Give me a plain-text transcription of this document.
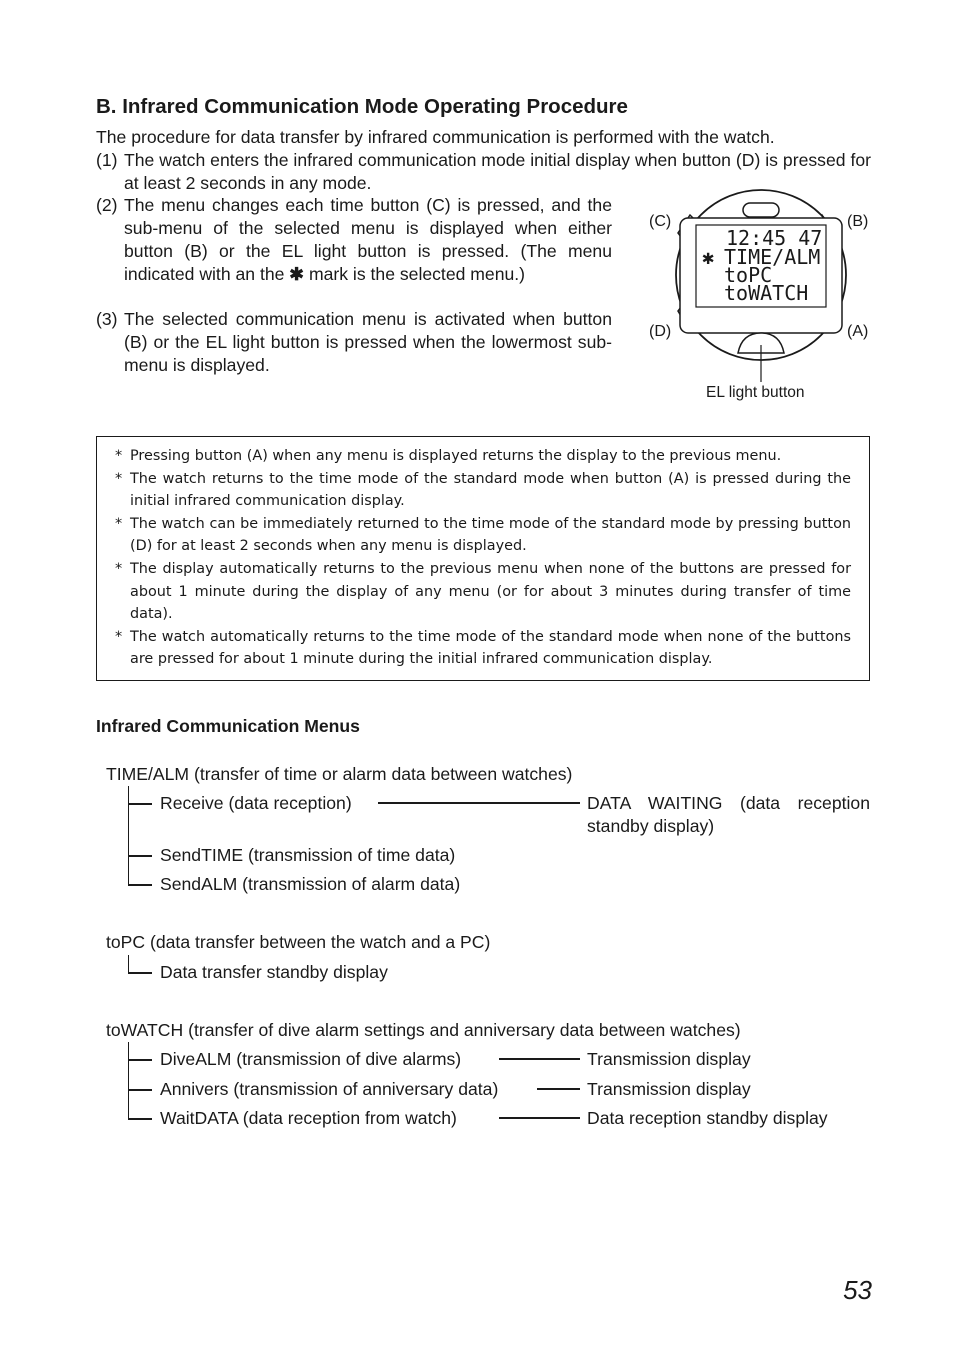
B. Infrared Communication Mode Operating Procedure
The procedure for data transfer by infrared communication is performed with the watch.
(1) The watch enters the infrared communication mode initial display when button (D) is pressed for at least 2 seconds in any mode.
(2) The menu changes each time button (C) is pressed, and the sub-menu of the selected menu is displayed when either button (B) or the EL light button is pressed. (The menu indicated with an the ✱ mark is the selected menu.)
(3) The selected communication menu is activated when button (B) or the EL light button is pressed when the lowermost sub-menu is displayed.
12:45 47
✱ TIME/ALM
toPC
toWATCH
(C)	(B)
(D)	(A)
EL light button
* Pressing button (A) when any menu is displayed returns the display to the previous menu.
* The watch returns to the time mode of the standard mode when button (A) is pressed during the initial infrared communication display.
* The watch can be immediately returned to the time mode of the standard mode by pressing button (D) for at least 2 seconds when any menu is displayed.
* The display automatically returns to the previous menu when none of the buttons are pressed for about 1 minute during the display of any menu (or for about 3 minutes during transfer of time data).
* The watch automatically returns to the time mode of the standard mode when none of the buttons are pressed for about 1 minute during the initial infrared communication display.
Infrared Communication Menus
TIME/ALM (transfer of time or alarm data between watches)
Receive (data reception)	DATA WAITING (data reception
standby display)
SendTIME (transmission of time data)
SendALM (transmission of alarm data)
toPC (data transfer between the watch and a PC)
Data transfer standby display
toWATCH (transfer of dive alarm settings and anniversary data between watches)
DiveALM (transmission of dive alarms)	Transmission display
Annivers (transmission of anniversary data)	Transmission display
WaitDATA (data reception from watch)	Data reception standby display
53
